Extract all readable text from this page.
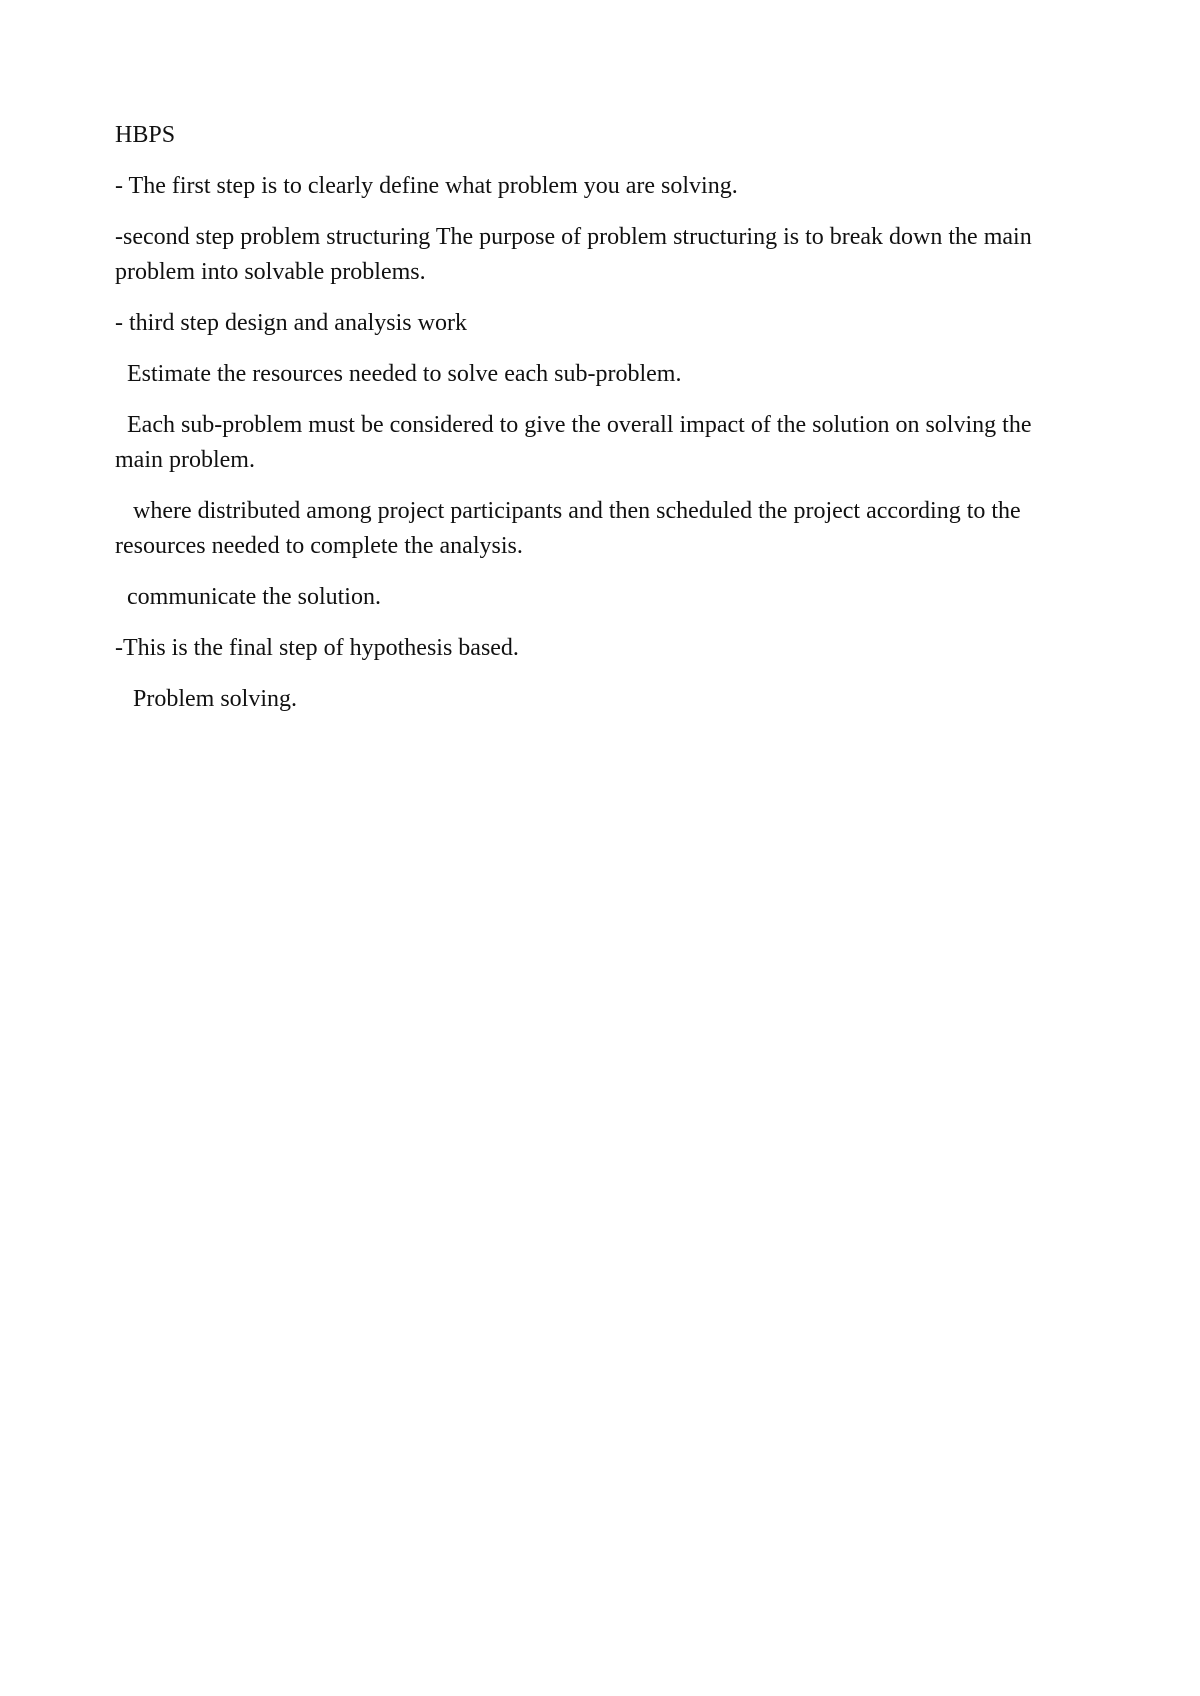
HBPS

- The first step is to clearly define what problem you are solving.

-second step problem structuring The purpose of problem structuring is to break down the main problem into solvable problems.

- third step design and analysis work

Estimate the resources needed to solve each sub-problem.

Each sub-problem must be considered to give the overall impact of the solution on solving the main problem.

where distributed among project participants and then scheduled the project according to the resources needed to complete the analysis.

communicate the solution.

-This is the final step of hypothesis based.

Problem solving.
